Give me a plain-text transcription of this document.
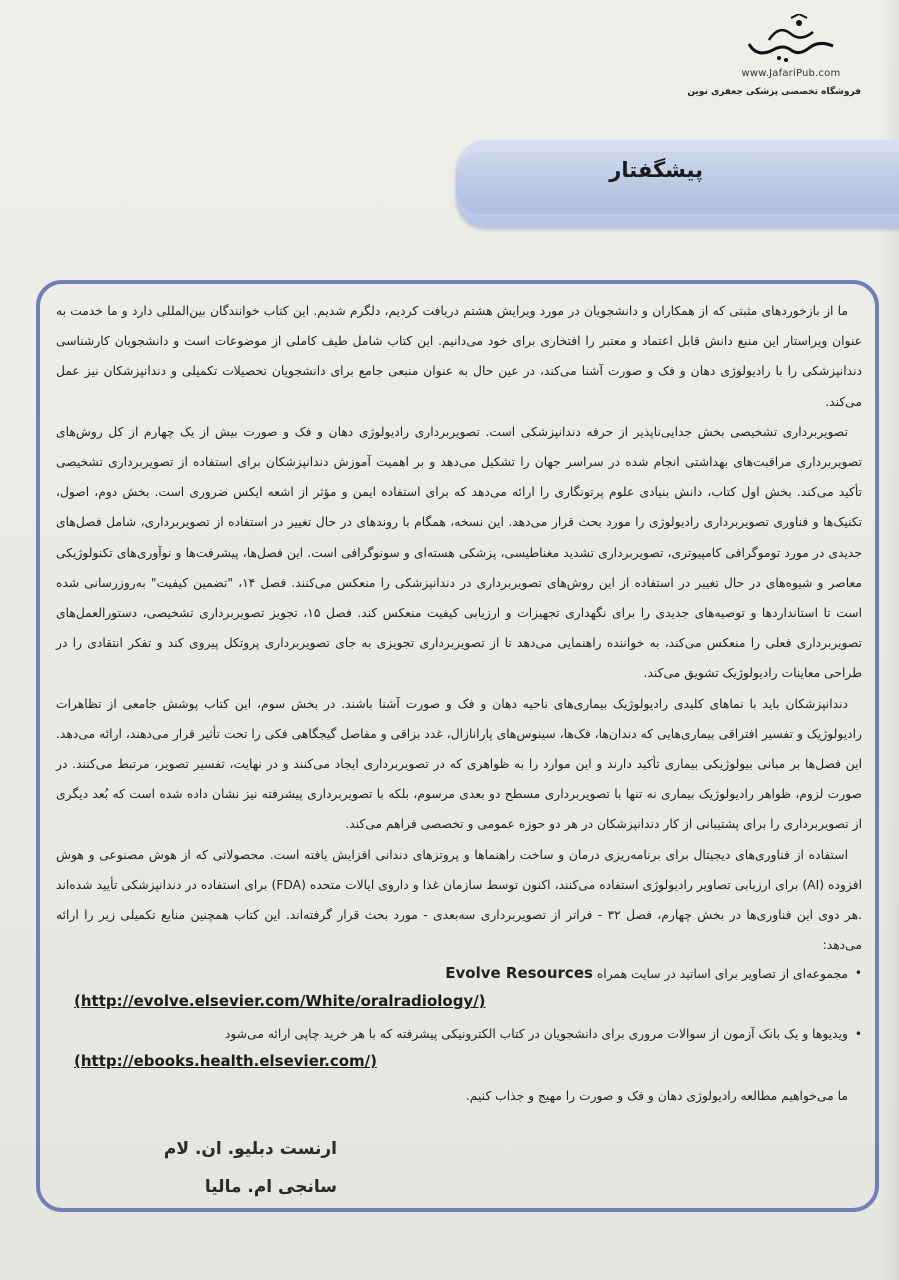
www.JafariPub.com
فروشگاه تخصصی پزشکی جعفری نوین
پیشگفتار

ما از بازخوردهای مثبتی که از همکاران و دانشجویان در مورد ویرایش هشتم دریافت کردیم، دلگرم شدیم. این کتاب خوانندگان بین‌المللی دارد و ما خدمت به عنوان ویراستار این منبع دانش قابل اعتماد و معتبر را افتخاری برای خود می‌دانیم. این کتاب شامل طیف کاملی از موضوعات است و دانشجویان کارشناسی دندانپزشکی را با رادیولوژی دهان و فک و صورت آشنا می‌کند، در عین حال به عنوان منبعی جامع برای دانشجویان تحصیلات تکمیلی و دندانپزشکان نیز عمل می‌کند.

تصویربرداری تشخیصی بخش جدایی‌ناپذیر از حرفه دندانپزشکی است. تصویربرداری رادیولوژی دهان و فک و صورت بیش از یک چهارم از کل روش‌های تصویربرداری مراقبت‌های بهداشتی انجام شده در سراسر جهان را تشکیل می‌دهد و بر اهمیت آموزش دندانپزشکان برای استفاده از تصویربرداری تشخیصی تأکید می‌کند. بخش اول کتاب، دانش بنیادی علوم پرتونگاری را ارائه می‌دهد که برای استفاده ایمن و مؤثر از اشعه ایکس ضروری است. بخش دوم، اصول، تکنیک‌ها و فناوری تصویربرداری رادیولوژی را مورد بحث قرار می‌دهد. این نسخه، همگام با روندهای در حال تغییر در استفاده از تصویربرداری، شامل فصل‌های جدیدی در مورد توموگرافی کامپیوتری، تصویربرداری تشدید مغناطیسی، پزشکی هسته‌ای و سونوگرافی است. این فصل‌ها، پیشرفت‌ها و نوآوری‌های تکنولوژیکی معاصر و شیوه‌های در حال تغییر در استفاده از این روش‌های تصویربرداری در دندانپزشکی را منعکس می‌کنند. فصل ۱۴، "تضمین کیفیت" به‌روزرسانی شده است تا استانداردها و توصیه‌های جدیدی را برای نگهداری تجهیزات و ارزیابی کیفیت منعکس کند. فصل ۱۵، تجویز تصویربرداری تشخیصی، دستورالعمل‌های تصویربرداری فعلی را منعکس می‌کند، به خواننده راهنمایی می‌دهد تا از تصویربرداری تجویزی به جای تصویربرداری پروتکل پیروی کند و تفکر انتقادی را در طراحی معاینات رادیولوژیک تشویق می‌کند.

دندانپزشکان باید با نماهای کلیدی رادیولوژیک بیماری‌های ناحیه دهان و فک و صورت آشنا باشند. در بخش سوم، این کتاب پوشش جامعی از تظاهرات رادیولوژیک و تفسیر افتراقی بیماری‌هایی که دندان‌ها، فک‌ها، سینوس‌های پارانازال، غدد بزاقی و مفاصل گیجگاهی فکی را تحت تأثیر قرار می‌دهند، ارائه می‌دهد. این فصل‌ها بر مبانی بیولوژیکی بیماری تأکید دارند و این موارد را به ظواهری که در تصویربرداری ایجاد می‌کنند و در نهایت، تفسیر تصویر، مرتبط می‌کنند. در صورت لزوم، ظواهر رادیولوژیک بیماری نه تنها با تصویربرداری مسطح دو بعدی مرسوم، بلکه با تصویربرداری پیشرفته نیز نشان داده شده است که بُعد دیگری از تصویربرداری را برای پشتیبانی از کار دندانپزشکان در هر دو حوزه عمومی و تخصصی فراهم می‌کند.

استفاده از فناوری‌های دیجیتال برای برنامه‌ریزی درمان و ساخت راهنماها و پروتزهای دندانی افزایش یافته است. محصولاتی که از هوش مصنوعی و هوش افزوده (AI) برای ارزیابی تصاویر رادیولوژی استفاده می‌کنند، اکنون توسط سازمان غذا و داروی ایالات متحده (FDA) برای استفاده در دندانپزشکی تأیید شده‌اند .هر دوی این فناوری‌ها در بخش چهارم، فصل ۳۲ - فراتر از تصویربرداری سه‌بعدی - مورد بحث قرار گرفته‌اند. این کتاب همچنین منابع تکمیلی زیر را ارائه می‌دهد:

•
مجموعه‌ای از تصاویر برای اساتید در سایت همراه Evolve Resources
(http://evolve.elsevier.com/White/oralradiology/)
•
ویدیوها و یک بانک آزمون از سوالات مروری برای دانشجویان در کتاب الکترونیکی پیشرفته که با هر خرید چاپی ارائه می‌شود
(http://ebooks.health.elsevier.com/)

ما می‌خواهیم مطالعه رادیولوژی دهان و فک و صورت را مهیج و جذاب کنیم.

ارنست دبلیو. ان. لام
سانجی ام. مالیا
